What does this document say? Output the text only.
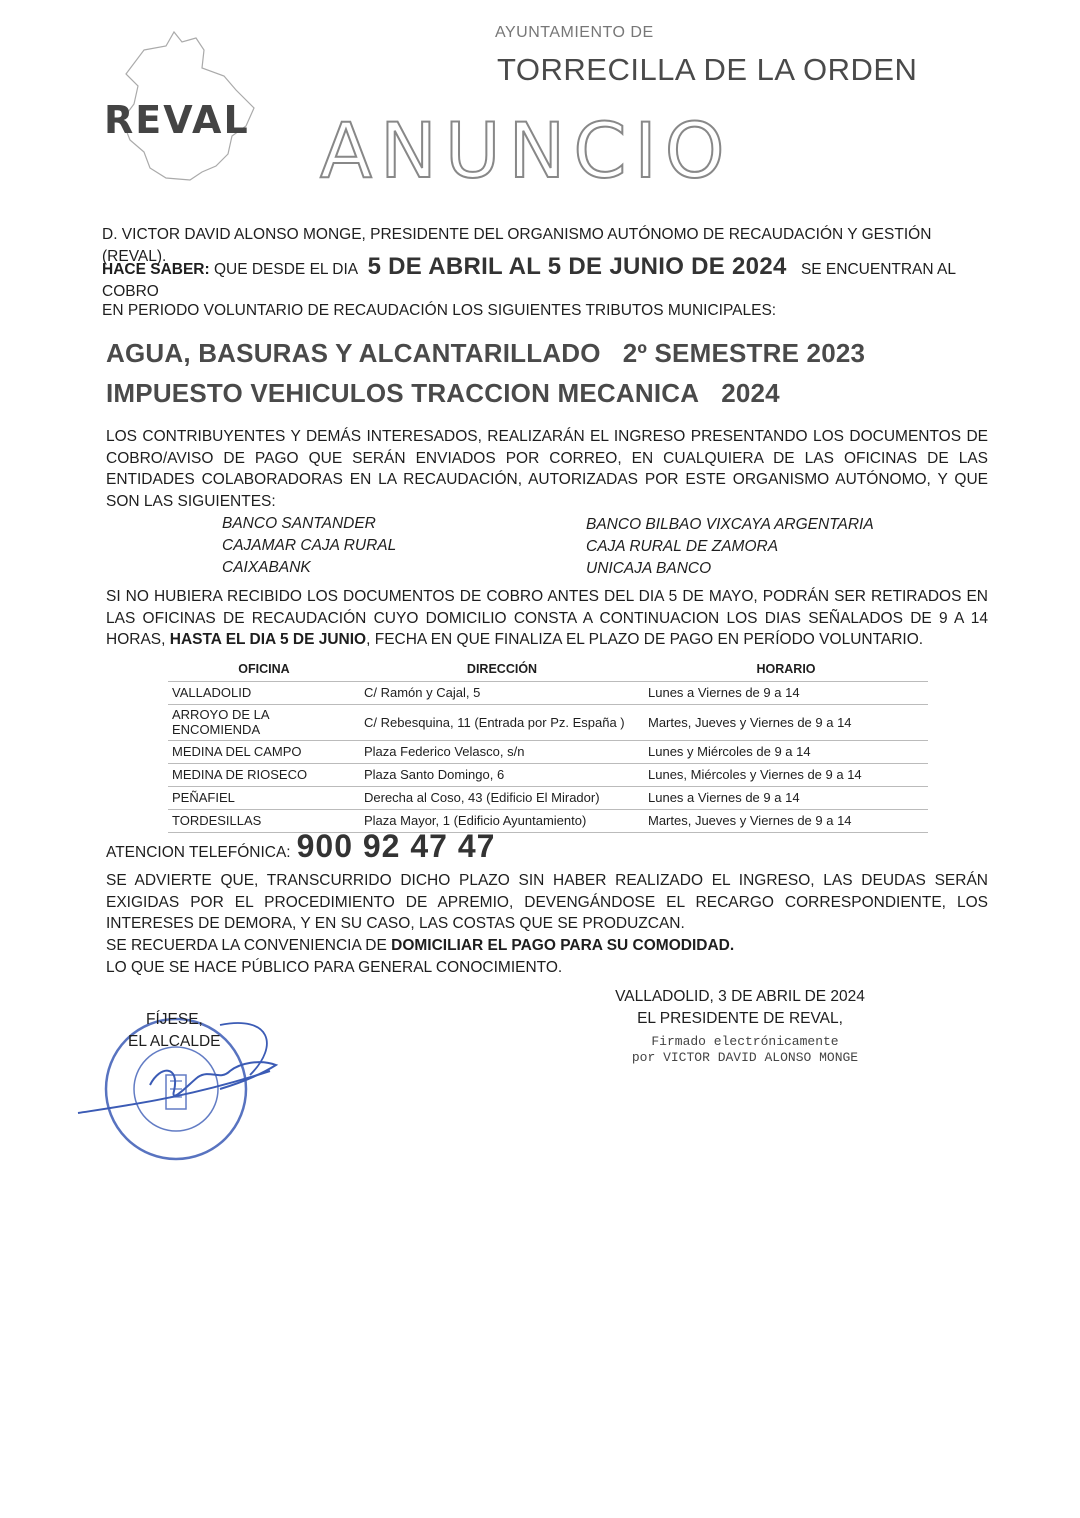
REVAL
AYUNTAMIENTO DE
TORRECILLA DE LA ORDEN
ANUNCIO
D. VICTOR DAVID ALONSO MONGE, PRESIDENTE DEL ORGANISMO AUTÓNOMO DE RECAUDACIÓN Y GESTIÓN (REVAL).
HACE SABER: QUE DESDE EL DIA 5 DE ABRIL AL 5 DE JUNIO DE 2024 SE ENCUENTRAN AL COBRO
EN PERIODO VOLUNTARIO DE RECAUDACIÓN LOS SIGUIENTES TRIBUTOS MUNICIPALES:
AGUA, BASURAS Y ALCANTARILLADO 2º SEMESTRE 2023
IMPUESTO VEHICULOS TRACCION MECANICA 2024
LOS CONTRIBUYENTES Y DEMÁS INTERESADOS, REALIZARÁN EL INGRESO PRESENTANDO LOS DOCUMENTOS DE COBRO/AVISO DE PAGO QUE SERÁN ENVIADOS POR CORREO, EN CUALQUIERA DE LAS OFICINAS DE LAS ENTIDADES COLABORADORAS EN LA RECAUDACIÓN, AUTORIZADAS POR ESTE ORGANISMO AUTÓNOMO, Y QUE SON LAS SIGUIENTES:
BANCO SANTANDER
CAJAMAR CAJA RURAL
CAIXABANK
BANCO BILBAO VIXCAYA ARGENTARIA
CAJA RURAL DE ZAMORA
UNICAJA BANCO
SI NO HUBIERA RECIBIDO LOS DOCUMENTOS DE COBRO ANTES DEL DIA 5 DE MAYO, PODRÁN SER RETIRADOS EN LAS OFICINAS DE RECAUDACIÓN CUYO DOMICILIO CONSTA A CONTINUACION LOS DIAS SEÑALADOS DE 9 A 14 HORAS, HASTA EL DIA 5 DE JUNIO, FECHA EN QUE FINALIZA EL PLAZO DE PAGO EN PERÍODO VOLUNTARIO.
OFICINA	DIRECCIÓN	HORARIO
VALLADOLID	C/ Ramón y Cajal, 5	Lunes a Viernes de 9 a 14
ARROYO DE LA ENCOMIENDA	C/ Rebesquina, 11 (Entrada por Pz. España )	Martes, Jueves y Viernes de 9 a 14
MEDINA DEL CAMPO	Plaza Federico Velasco, s/n	Lunes y Miércoles de 9 a 14
MEDINA DE RIOSECO	Plaza Santo Domingo, 6	Lunes, Miércoles y Viernes de 9 a 14
PEÑAFIEL	Derecha al Coso, 43 (Edificio El Mirador)	Lunes a Viernes de 9 a 14
TORDESILLAS	Plaza Mayor, 1 (Edificio Ayuntamiento)	Martes, Jueves y Viernes de 9 a 14
ATENCION TELEFÓNICA: 900 92 47 47
SE ADVIERTE QUE, TRANSCURRIDO DICHO PLAZO SIN HABER REALIZADO EL INGRESO, LAS DEUDAS SERÁN EXIGIDAS POR EL PROCEDIMIENTO DE APREMIO, DEVENGÁNDOSE EL RECARGO CORRESPONDIENTE, LOS INTERESES DE DEMORA, Y EN SU CASO, LAS COSTAS QUE SE PRODUZCAN.
SE RECUERDA LA CONVENIENCIA DE DOMICILIAR EL PAGO PARA SU COMODIDAD.
LO QUE SE HACE PÚBLICO PARA GENERAL CONOCIMIENTO.
VALLADOLID, 3 DE ABRIL DE 2024
EL PRESIDENTE DE REVAL,
Firmado electrónicamente
por VICTOR DAVID ALONSO MONGE
FÍJESE,
EL ALCALDE
